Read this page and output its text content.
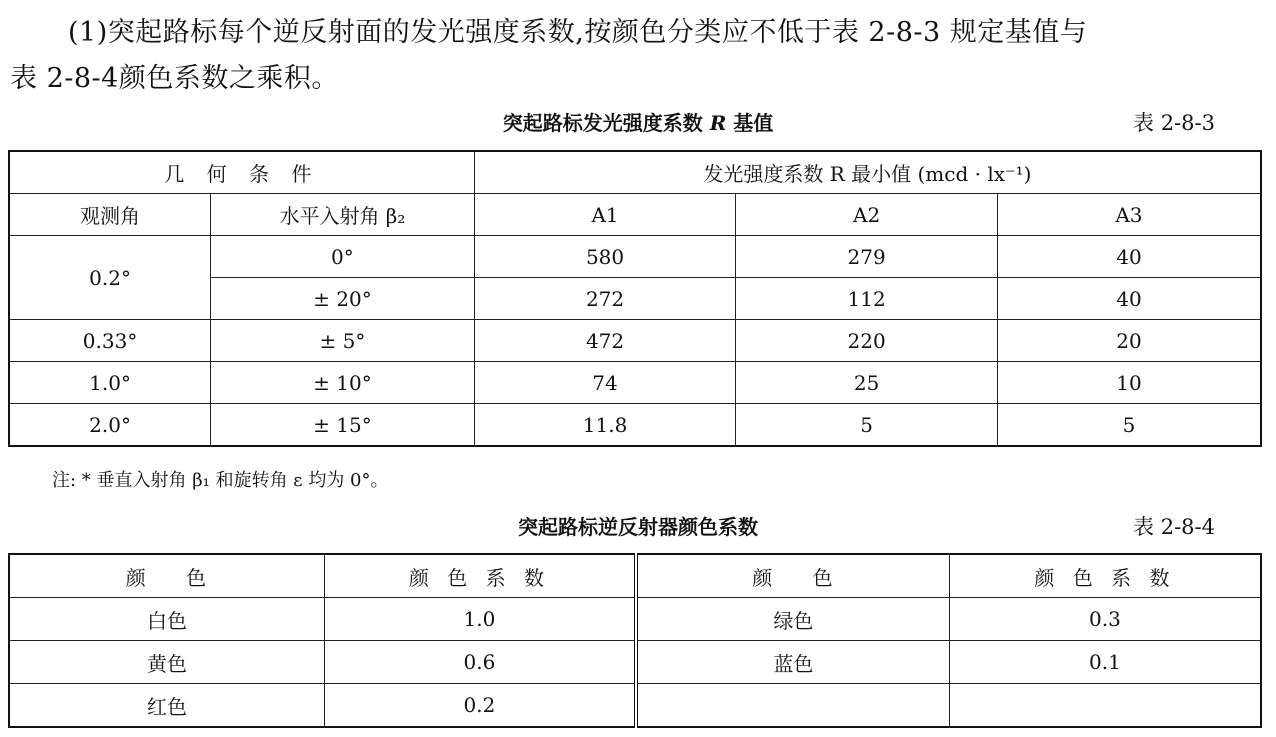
(1)突起路标每个逆反射面的发光强度系数,按颜色分类应不低于表 2-8-3 规定基值与
表 2-8-4颜色系数之乘积。
突起路标发光强度系数 R 基值	表 2-8-3
几 何 条 件		发光强度系数 R 最小值 (mcd · lx⁻¹)		
观测角	水平入射角 β₂	A1	A2	A3
0.2°	0°	580	279	40
	± 20°	272	112	40
0.33°	± 5°	472	220	20
1.0°	± 10°	74	25	10
2.0°	± 15°	11.8	5	5
注: * 垂直入射角 β₁ 和旋转角 ε 均为 0°。
突起路标逆反射器颜色系数	表 2-8-4
颜 色	颜 色 系 数	颜 色	颜 色 系 数
白色	1.0	绿色	0.3
黄色	0.6	蓝色	0.1
红色	0.2		
